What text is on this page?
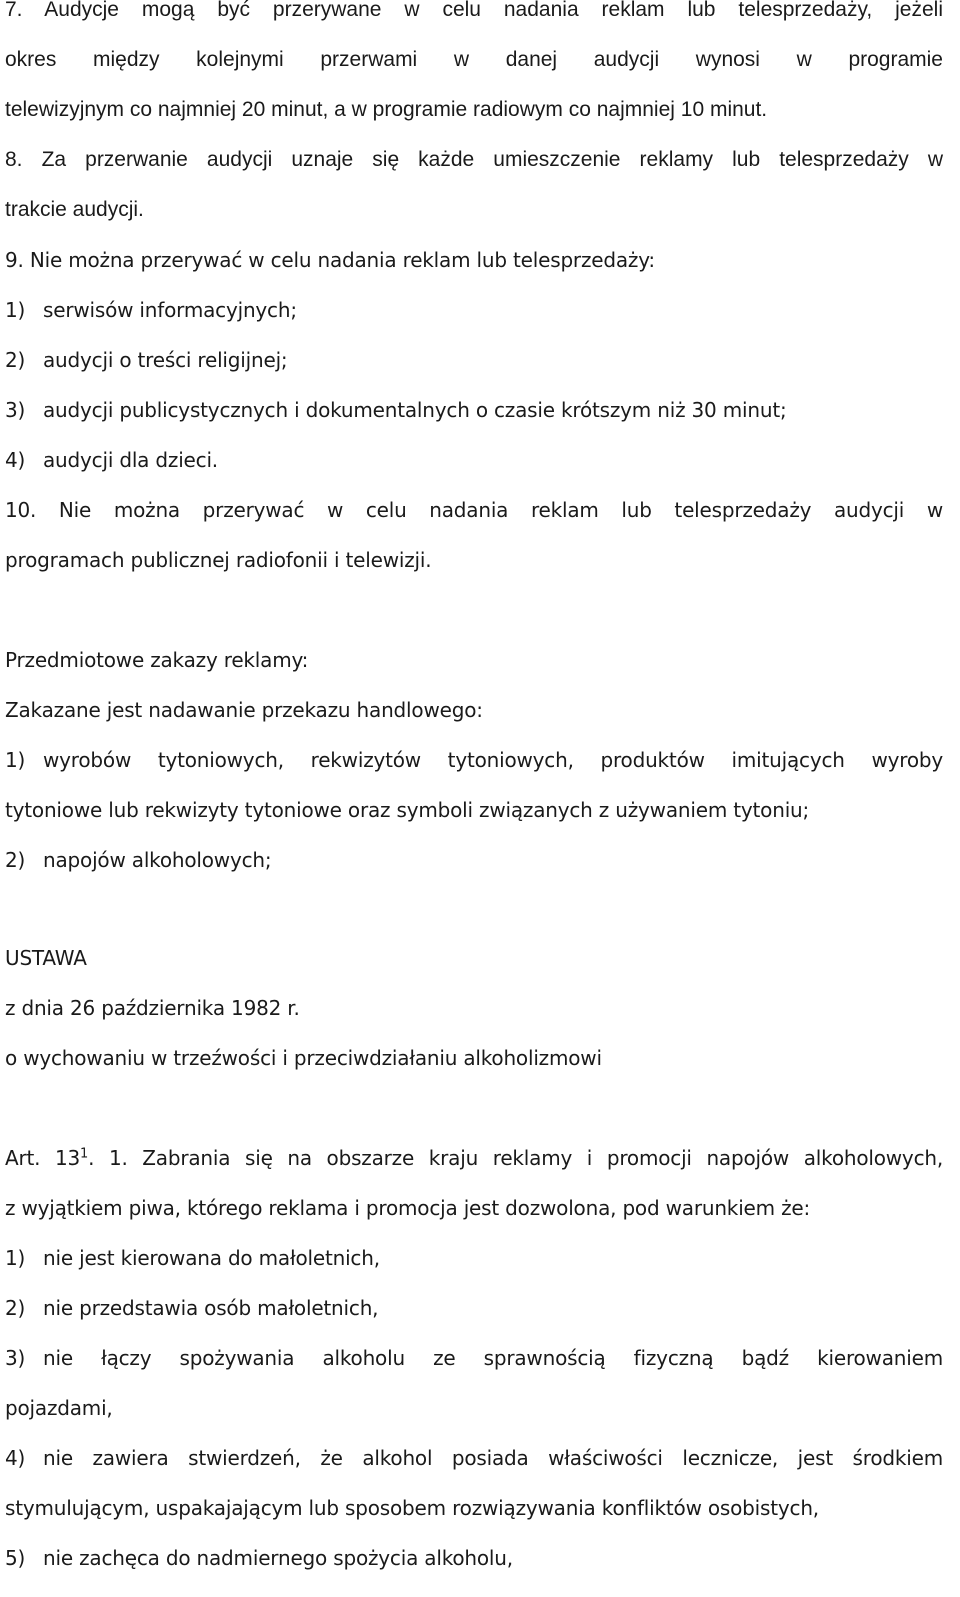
7. Audycje mogą być przerywane w celu nadania reklam lub telesprzedaży, jeżeli
okres między kolejnymi przerwami w danej audycji wynosi w programie
telewizyjnym co najmniej 20 minut, a w programie radiowym co najmniej 10 minut.
8. Za przerwanie audycji uznaje się każde umieszczenie reklamy lub telesprzedaży w
trakcie audycji.
9. Nie można przerywać w celu nadania reklam lub telesprzedaży:
1) serwisów informacyjnych;
2) audycji o treści religijnej;
3) audycji publicystycznych i dokumentalnych o czasie krótszym niż 30 minut;
4) audycji dla dzieci.
10. Nie można przerywać w celu nadania reklam lub telesprzedaży audycji w
programach publicznej radiofonii i telewizji.
Przedmiotowe zakazy reklamy:
Zakazane jest nadawanie przekazu handlowego:
1) wyrobów tytoniowych, rekwizytów tytoniowych, produktów imitujących wyroby
tytoniowe lub rekwizyty tytoniowe oraz symboli związanych z używaniem tytoniu;
2) napojów alkoholowych;
USTAWA
z dnia 26 października 1982 r.
o wychowaniu w trzeźwości i przeciwdziałaniu alkoholizmowi
Art. $13^1$. 1. Zabrania się na obszarze kraju reklamy i promocji napojów alkoholowych,
z wyjątkiem piwa, którego reklama i promocja jest dozwolona, pod warunkiem że:
1) nie jest kierowana do małoletnich,
2) nie przedstawia osób małoletnich,
3) nie łączy spożywania alkoholu ze sprawnością fizyczną bądź kierowaniem
pojazdami,
4) nie zawiera stwierdzeń, że alkohol posiada właściwości lecznicze, jest środkiem
stymulującym, uspakajającym lub sposobem rozwiązywania konfliktów osobistych,
5) nie zachęca do nadmiernego spożycia alkoholu,
